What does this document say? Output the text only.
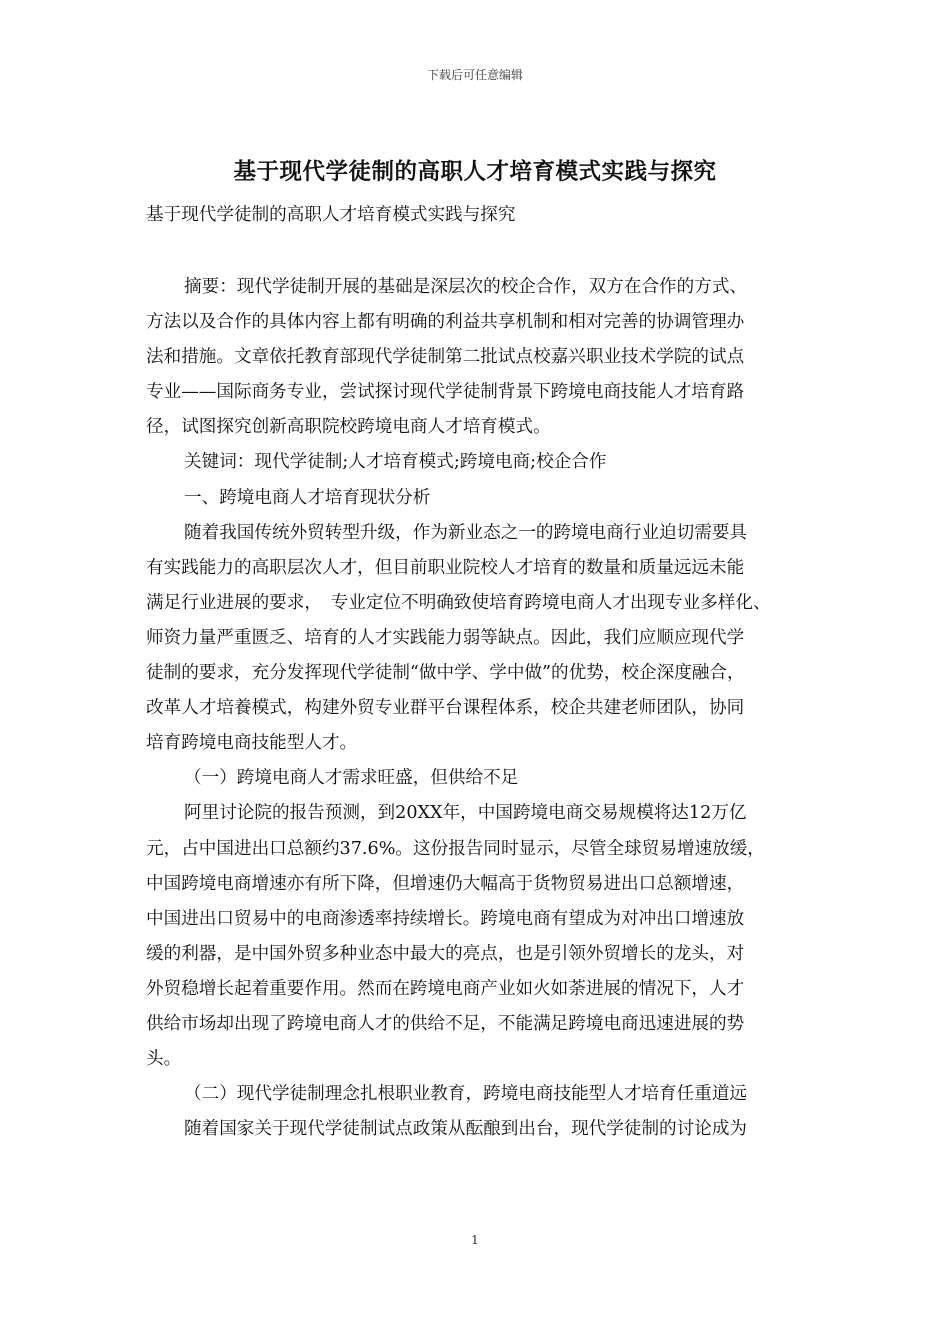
下载后可任意编辑
基于现代学徒制的高职人才培育模式实践与探究
基于现代学徒制的高职人才培育模式实践与探究
摘要：现代学徒制开展的基础是深层次的校企合作，双方在合作的方式、
方法以及合作的具体内容上都有明确的利益共享机制和相对完善的协调管理办
法和措施。文章依托教育部现代学徒制第二批试点校嘉兴职业技术学院的试点
专业——国际商务专业，尝试探讨现代学徒制背景下跨境电商技能人才培育路
径，试图探究创新高职院校跨境电商人才培育模式。
关键词：现代学徒制;人才培育模式;跨境电商;校企合作
一、跨境电商人才培育现状分析
随着我国传统外贸转型升级，作为新业态之一的跨境电商行业迫切需要具
有实践能力的高职层次人才，但目前职业院校人才培育的数量和质量远远未能
满足行业进展的要求，　专业定位不明确致使培育跨境电商人才出现专业多样化、
师资力量严重匮乏、培育的人才实践能力弱等缺点。因此，我们应顺应现代学
徒制的要求，充分发挥现代学徒制“做中学、学中做”的优势，校企深度融合，
改革人才培養模式，构建外贸专业群平台课程体系，校企共建老师团队，协同
培育跨境电商技能型人才。
（一）跨境电商人才需求旺盛，但供给不足
阿里讨论院的报告预测，到20XX年，中国跨境电商交易规模将达12万亿
元，占中国进出口总额约37.6%。这份报告同时显示，尽管全球贸易增速放缓，
中国跨境电商增速亦有所下降，但增速仍大幅高于货物贸易进出口总额增速，
中国进出口贸易中的电商渗透率持续增长。跨境电商有望成为对冲出口增速放
缓的利器，是中国外贸多种业态中最大的亮点，也是引领外贸增长的龙头，对
外贸稳增长起着重要作用。然而在跨境电商产业如火如荼进展的情况下，人才
供给市场却出现了跨境电商人才的供给不足，不能满足跨境电商迅速进展的势
头。
（二）现代学徒制理念扎根职业教育，跨境电商技能型人才培育任重道远
随着国家关于现代学徒制试点政策从酝酿到出台，现代学徒制的讨论成为
1
